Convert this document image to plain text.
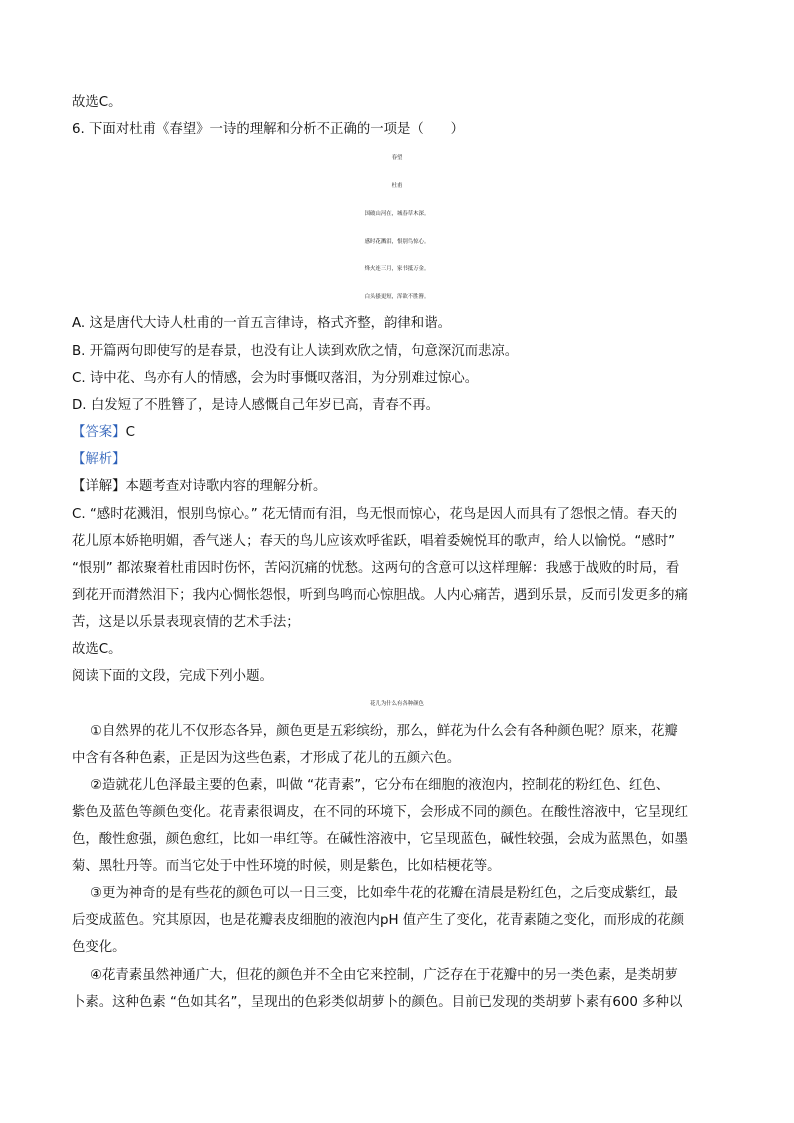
故选C。

6. 下面对杜甫《春望》一诗的理解和分析不正确的一项是（　　）

春望

杜甫

国破山河在，城春草木深。

感时花溅泪，恨别鸟惊心。

烽火连三月，家书抵万金。

白头搔更短，浑欲不胜簪。

A. 这是唐代大诗人杜甫的一首五言律诗，格式齐整，韵律和谐。

B. 开篇两句即使写的是春景，也没有让人读到欢欣之情，句意深沉而悲凉。

C. 诗中花、鸟亦有人的情感，会为时事慨叹落泪，为分别难过惊心。

D. 白发短了不胜簪了，是诗人感慨自己年岁已高，青春不再。

【答案】C

【解析】

【详解】本题考查对诗歌内容的理解分析。

C. “感时花溅泪，恨别鸟惊心。” 花无情而有泪，鸟无恨而惊心，花鸟是因人而具有了怨恨之情。春天的

花儿原本娇艳明媚，香气迷人；春天的鸟儿应该欢呼雀跃，唱着委婉悦耳的歌声，给人以愉悦。“感时”

“恨别” 都浓聚着杜甫因时伤怀，苦闷沉痛的忧愁。这两句的含意可以这样理解：我感于战败的时局，看

到花开而潸然泪下；我内心惆怅怨恨，听到鸟鸣而心惊胆战。人内心痛苦，遇到乐景，反而引发更多的痛

苦，这是以乐景表现哀情的艺术手法；

故选C。

阅读下面的文段，完成下列小题。

花儿为什么有各种颜色

①自然界的花儿不仅形态各异，颜色更是五彩缤纷，那么，鲜花为什么会有各种颜色呢？原来，花瓣

中含有各种色素，正是因为这些色素，才形成了花儿的五颜六色。

②造就花儿色泽最主要的色素，叫做 “花青素”，它分布在细胞的液泡内，控制花的粉红色、红色、

紫色及蓝色等颜色变化。花青素很调皮，在不同的环境下，会形成不同的颜色。在酸性溶液中，它呈现红

色，酸性愈强，颜色愈红，比如一串红等。在碱性溶液中，它呈现蓝色，碱性较强，会成为蓝黑色，如墨

菊、黑牡丹等。而当它处于中性环境的时候，则是紫色，比如桔梗花等。

③更为神奇的是有些花的颜色可以一日三变，比如牵牛花的花瓣在清晨是粉红色，之后变成紫红，最

后变成蓝色。究其原因，也是花瓣表皮细胞的液泡内pH 值产生了变化，花青素随之变化，而形成的花颜

色变化。

④花青素虽然神通广大，但花的颜色并不全由它来控制，广泛存在于花瓣中的另一类色素，是类胡萝

卜素。这种色素 “色如其名”，呈现出的色彩类似胡萝卜的颜色。目前已发现的类胡萝卜素有600 多种以
